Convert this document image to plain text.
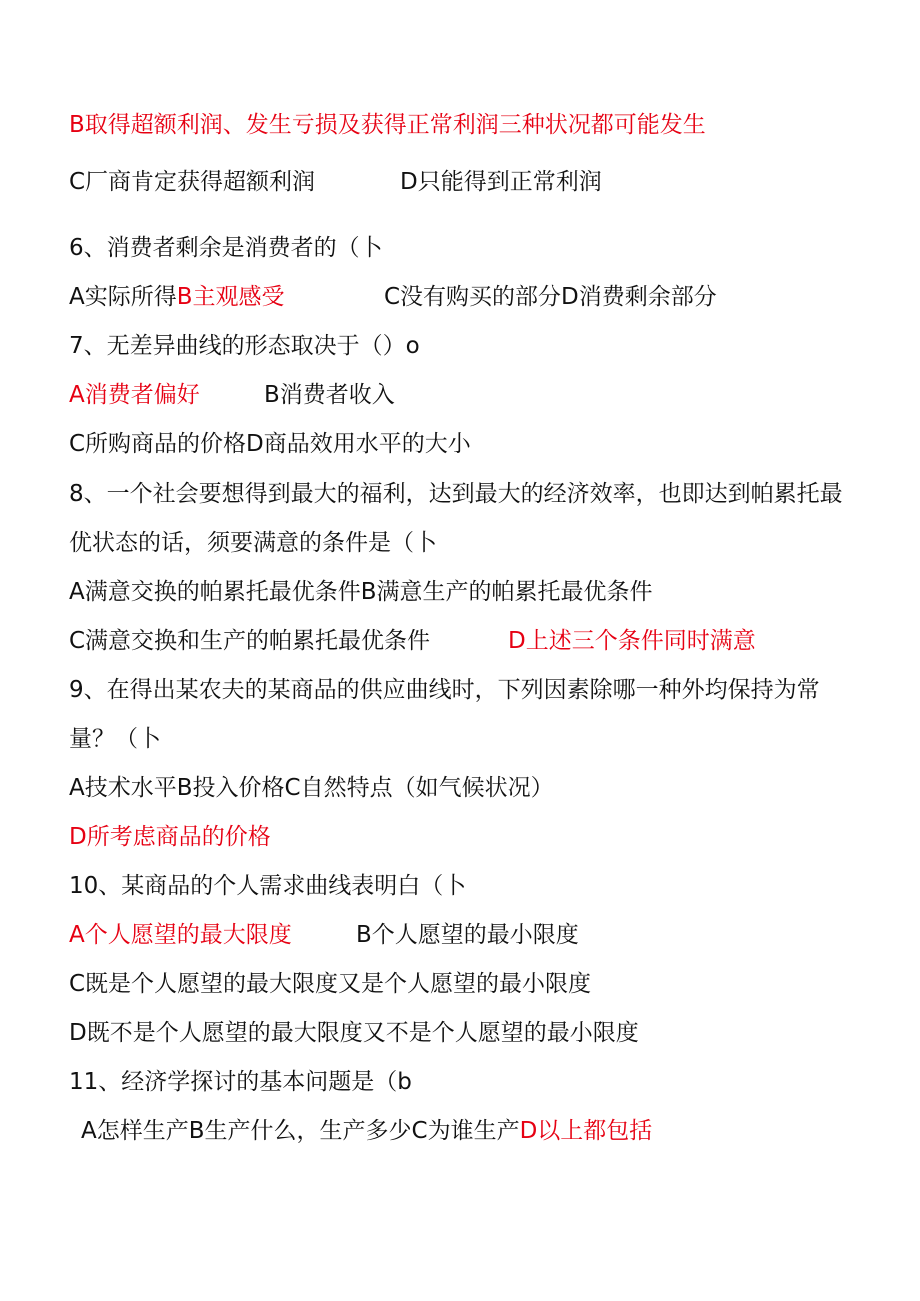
B取得超额利润、发生亏损及获得正常利润三种状况都可能发生
C厂商肯定获得超额利润	D只能得到正常利润
6、消费者剩余是消费者的（卜
A实际所得B主观感受	C没有购买的部分D消费剩余部分
7、无差异曲线的形态取决于（）o
A消费者偏好	B消费者收入
C所购商品的价格D商品效用水平的大小
8、一个社会要想得到最大的福利，达到最大的经济效率，也即达到帕累托最
优状态的话，须要满意的条件是（卜
A满意交换的帕累托最优条件B满意生产的帕累托最优条件
C满意交换和生产的帕累托最优条件	D上述三个条件同时满意
9、在得出某农夫的某商品的供应曲线时，下列因素除哪一种外均保持为常
量？（卜
A技术水平B投入价格C自然特点（如气候状况）
D所考虑商品的价格
10、某商品的个人需求曲线表明白（卜
A个人愿望的最大限度	B个人愿望的最小限度
C既是个人愿望的最大限度又是个人愿望的最小限度
D既不是个人愿望的最大限度又不是个人愿望的最小限度
11、经济学探讨的基本问题是（b
A怎样生产B生产什么，生产多少C为谁生产D以上都包括
